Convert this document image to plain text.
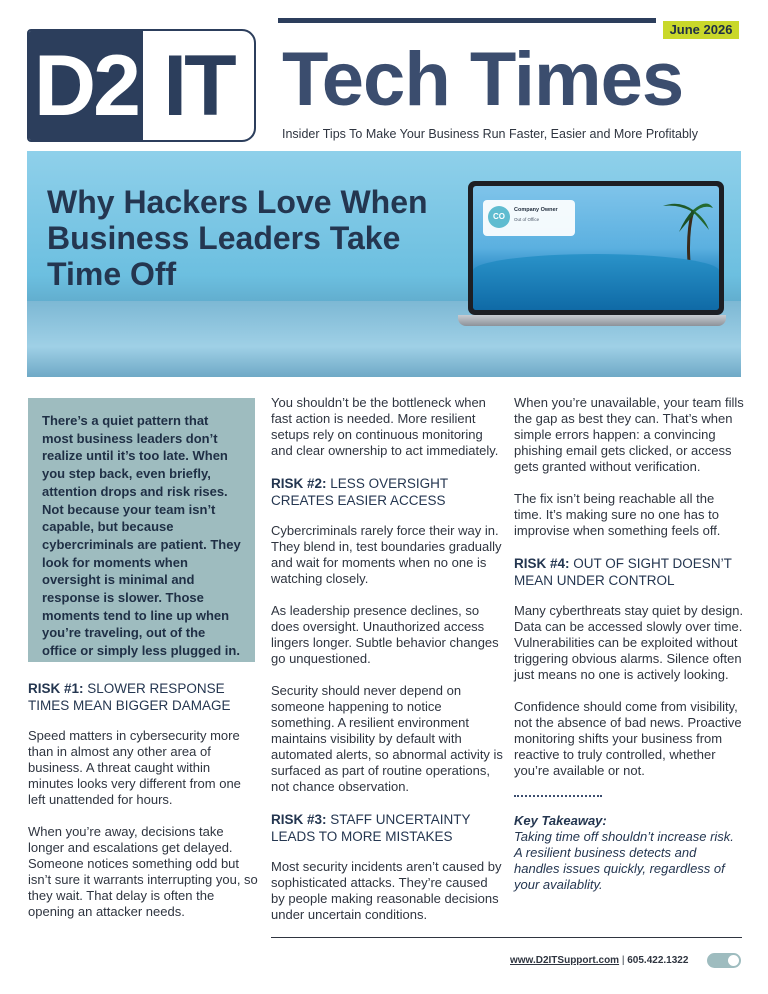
June 2026
D2 IT Tech Times
Insider Tips To Make Your Business Run Faster, Easier and More Profitably
Why Hackers Love When Business Leaders Take Time Off
CO
Company Owner
Out of Office
There’s a quiet pattern that most business leaders don’t realize until it’s too late. When you step back, even briefly, attention drops and risk rises. Not because your team isn’t capable, but because cybercriminals are patient. They look for moments when oversight is minimal and response is slower. Those moments tend to line up when you’re traveling, out of the office or simply less plugged in.
RISK #1: SLOWER RESPONSE TIMES MEAN BIGGER DAMAGE

Speed matters in cybersecurity more than in almost any other area of business. A threat caught within minutes looks very different from one left unattended for hours.

When you’re away, decisions take longer and escalations get delayed. Someone notices something odd but isn’t sure it warrants interrupting you, so they wait. That delay is often the opening an attacker needs.

You shouldn’t be the bottleneck when fast action is needed. More resilient setups rely on continuous monitoring and clear ownership to act immediately.

RISK #2: LESS OVERSIGHT CREATES EASIER ACCESS

Cybercriminals rarely force their way in. They blend in, test boundaries gradually and wait for moments when no one is watching closely.

As leadership presence declines, so does oversight. Unauthorized access lingers longer. Subtle behavior changes go unquestioned.

Security should never depend on someone happening to notice something. A resilient environment maintains visibility by default with automated alerts, so abnormal activity is surfaced as part of routine operations, not chance observation.

RISK #3: STAFF UNCERTAINTY LEADS TO MORE MISTAKES

Most security incidents aren’t caused by sophisticated attacks. They’re caused by people making reasonable decisions under uncertain conditions.

When you’re unavailable, your team fills the gap as best they can. That’s when simple errors happen: a convincing phishing email gets clicked, or access gets granted without verification.

The fix isn’t being reachable all the time. It’s making sure no one has to improvise when something feels off.

RISK #4: OUT OF SIGHT DOESN’T MEAN UNDER CONTROL

Many cyberthreats stay quiet by design. Data can be accessed slowly over time. Vulnerabilities can be exploited without triggering obvious alarms. Silence often just means no one is actively looking.

Confidence should come from visibility, not the absence of bad news. Proactive monitoring shifts your business from reactive to truly controlled, whether you’re available or not.

Key Takeaway:
Taking time off shouldn’t increase risk. A resilient business detects and handles issues quickly, regardless of your availablity.
www.D2ITSupport.com | 605.422.1322
